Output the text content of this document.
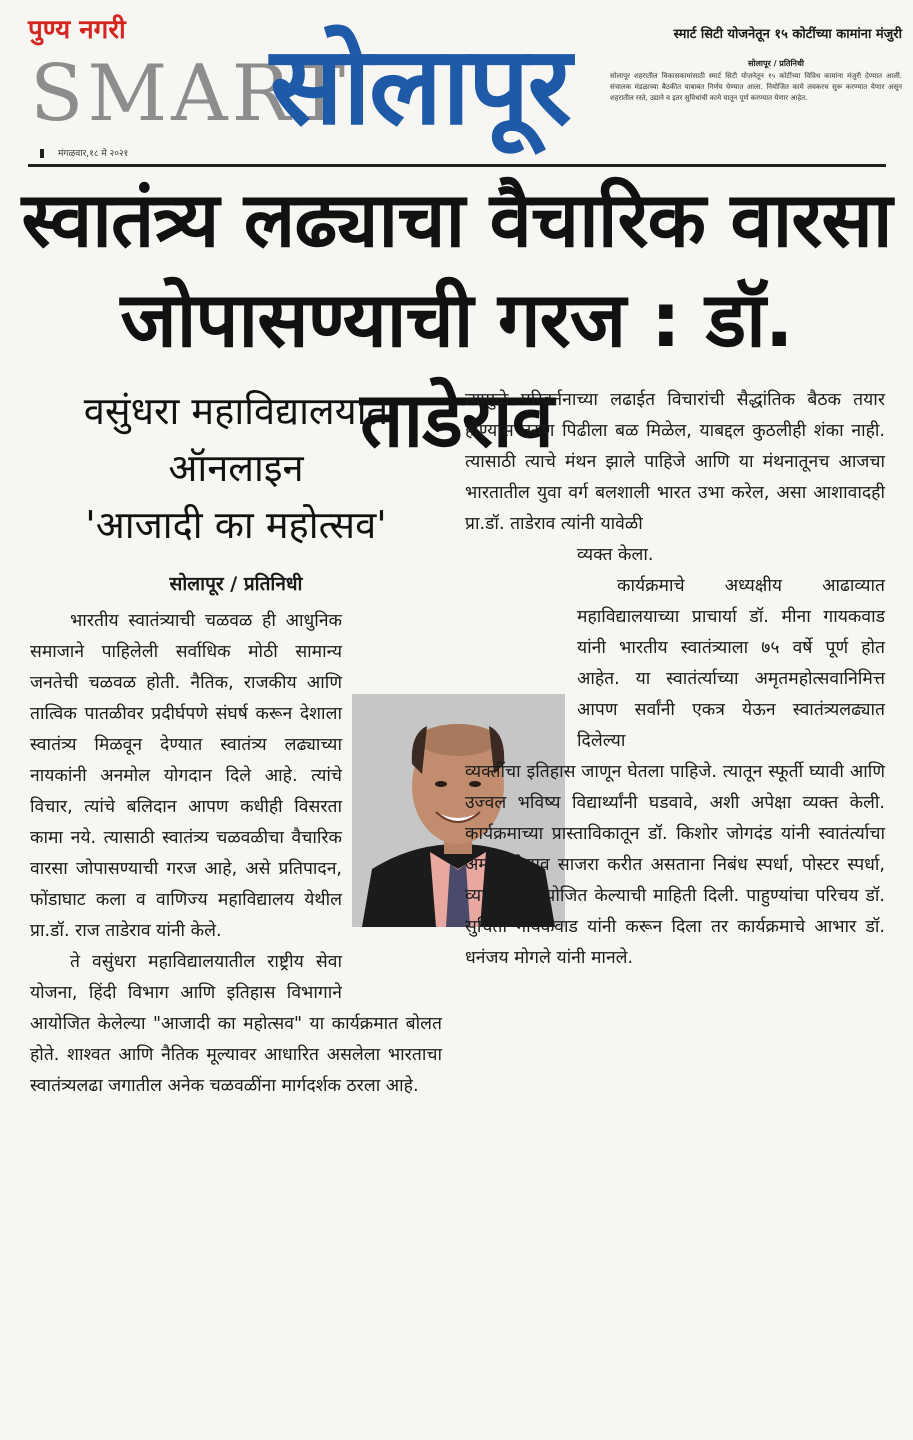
पुण्य नगरी
SMART
सोलापूर
मंगळवार,१८ मे २०२१
स्मार्ट सिटी योजनेतून १५ कोटींच्या कामांना मंजुरी
सोलापूर / प्रतिनिधी
सोलापूर शहरातील विकासकामांसाठी स्मार्ट सिटी योजनेतून १५ कोटींच्या विविध कामांना मंजुरी देण्यात आली. संचालक मंडळाच्या बैठकीत याबाबत निर्णय घेण्यात आला. नियोजित कामे लवकरच सुरू करण्यात येणार असून शहरातील रस्ते, उद्याने व इतर सुविधांची कामे यातून पूर्ण करण्यात येणार आहेत.
स्वातंत्र्य लढ्याचा वैचारिक वारसा
जोपासण्याची गरज : डॉ. ताडेराव
वसुंधरा महाविद्यालयात
ऑनलाइन
'आजादी का महोत्सव'
सोलापूर / प्रतिनिधी

भारतीय स्वातंत्र्याची चळवळ ही आधुनिक समाजाने पाहिलेली सर्वाधिक मोठी सामान्य जनतेची चळवळ होती. नैतिक, राजकीय आणि तात्विक पातळीवर प्रदीर्घपणे संघर्ष करून देशाला स्वातंत्र्य मिळवून देण्यात स्वातंत्र्य लढ्याच्या नायकांनी अनमोल योगदान दिले आहे. त्यांचे विचार, त्यांचे बलिदान आपण कधीही विसरता कामा नये. त्यासाठी स्वातंत्र्य चळवळीचा वैचारिक वारसा जोपासण्याची गरज आहे, असे प्रतिपादन, फोंडाघाट कला व वाणिज्य महाविद्यालय येथील प्रा.डॉ. राज ताडेराव यांनी केले.

ते वसुंधरा महाविद्यालयातील राष्ट्रीय सेवा योजना, हिंदी विभाग आणि इतिहास विभागाने आयोजित केलेल्या "आजादी का महोत्सव" या कार्यक्रमात बोलत होते. शाश्वत आणि नैतिक मूल्यावर आधारित असलेला भारताचा स्वातंत्र्यलढा जगातील अनेक चळवळींना मार्गदर्शक ठरला आहे.

त्यामुळे परिवर्तनाच्या लढाईत विचारांची सैद्धांतिक बैठक तयार होण्यास तरुण पिढीला बळ मिळेल, याबद्दल कुठलीही शंका नाही. त्यासाठी त्याचे मंथन झाले पाहिजे आणि या मंथनातूनच आजचा भारतातील युवा वर्ग बलशाली भारत उभा करेल, असा आशावादही प्रा.डॉ. ताडेराव त्यांनी यावेळी

व्यक्त केला.

कार्यक्रमाचे अध्यक्षीय आढाव्यात महाविद्यालयाच्या प्राचार्या डॉ. मीना गायकवाड यांनी भारतीय स्वातंत्र्याला ७५ वर्षे पूर्ण होत आहेत. या स्वातंर्त्याच्या अमृतमहोत्सवानिमित्त आपण सर्वांनी एकत्र येऊन स्वातंत्र्यलढ्यात दिलेल्या

व्यक्तींचा इतिहास जाणून घेतला पाहिजे. त्यातून स्फूर्ती घ्यावी आणि उज्वल भविष्य विद्यार्थ्यांनी घडवावे, अशी अपेक्षा व्यक्त केली. कार्यक्रमाच्या प्रास्ताविकातून डॉ. किशोर जोगदंड यांनी स्वातंर्त्याचा अमृतमहोत्सव साजरा करीत असताना निबंध स्पर्धा, पोस्टर स्पर्धा, व्याख्यान आयोजित केल्याची माहिती दिली. पाहुण्यांचा परिचय डॉ. सुचिता गायकवाड यांनी करून दिला तर कार्यक्रमाचे आभार डॉ. धनंजय मोगले यांनी मानले.
